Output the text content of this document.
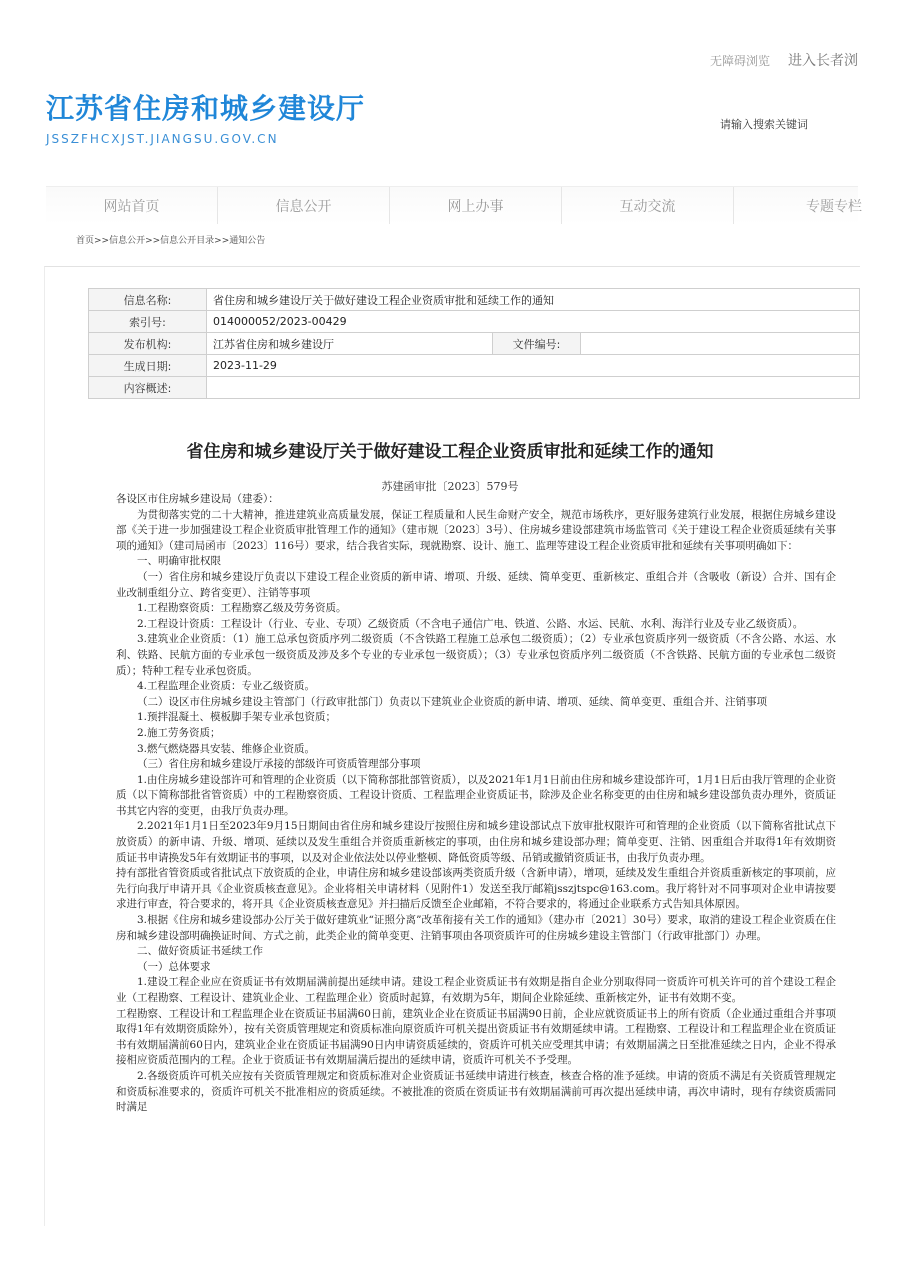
无障碍浏览 进入长者浏
江苏省住房和城乡建设厅
JSSZFHCXJST.JIANGSU.GOV.CN
请输入搜索关键词
网站首页	信息公开	网上办事	互动交流	专题专栏
首页>>信息公开>>信息公开目录>>通知公告
信息名称:	省住房和城乡建设厅关于做好建设工程企业资质审批和延续工作的通知		
索引号:	014000052/2023-00429		
发布机构:	江苏省住房和城乡建设厅	文件编号:	
生成日期:	2023-11-29		
内容概述:			
省住房和城乡建设厅关于做好建设工程企业资质审批和延续工作的通知
苏建函审批〔2023〕579号

各设区市住房城乡建设局（建委）：

为贯彻落实党的二十大精神，推进建筑业高质量发展，保证工程质量和人民生命财产安全，规范市场秩序，更好服务建筑行业发展，根据住房城乡建设部《关于进一步加强建设工程企业资质审批管理工作的通知》（建市规〔2023〕3号）、住房城乡建设部建筑市场监管司《关于建设工程企业资质延续有关事项的通知》（建司局函市〔2023〕116号）要求，结合我省实际，现就勘察、设计、施工、监理等建设工程企业资质审批和延续有关事项明确如下：

一、明确审批权限

（一）省住房和城乡建设厅负责以下建设工程企业资质的新申请、增项、升级、延续、简单变更、重新核定、重组合并（含吸收（新设）合并、国有企业改制重组分立、跨省变更）、注销等事项

1.工程勘察资质：工程勘察乙级及劳务资质。

2.工程设计资质：工程设计（行业、专业、专项）乙级资质（不含电子通信广电、铁道、公路、水运、民航、水利、海洋行业及专业乙级资质）。

3.建筑业企业资质：（1）施工总承包资质序列二级资质（不含铁路工程施工总承包二级资质）；（2）专业承包资质序列一级资质（不含公路、水运、水利、铁路、民航方面的专业承包一级资质及涉及多个专业的专业承包一级资质）；（3）专业承包资质序列二级资质（不含铁路、民航方面的专业承包二级资质）；特种工程专业承包资质。

4.工程监理企业资质：专业乙级资质。

（二）设区市住房城乡建设主管部门（行政审批部门）负责以下建筑业企业资质的新申请、增项、延续、简单变更、重组合并、注销事项

1.预拌混凝土、模板脚手架专业承包资质；

2.施工劳务资质；

3.燃气燃烧器具安装、维修企业资质。

（三）省住房和城乡建设厅承接的部级许可资质管理部分事项

1.由住房城乡建设部许可和管理的企业资质（以下简称部批部管资质），以及2021年1月1日前由住房和城乡建设部许可，1月1日后由我厅管理的企业资质（以下简称部批省管资质）中的工程勘察资质、工程设计资质、工程监理企业资质证书，除涉及企业名称变更的由住房和城乡建设部负责办理外，资质证书其它内容的变更，由我厅负责办理。

2.2021年1月1日至2023年9月15日期间由省住房和城乡建设厅按照住房和城乡建设部试点下放审批权限许可和管理的企业资质（以下简称省批试点下放资质）的新申请、升级、增项、延续以及发生重组合并资质重新核定的事项，由住房和城乡建设部办理；简单变更、注销、因重组合并取得1年有效期资质证书申请换发5年有效期证书的事项，以及对企业依法处以停业整顿、降低资质等级、吊销或撤销资质证书，由我厅负责办理。

持有部批省管资质或省批试点下放资质的企业，申请住房和城乡建设部该两类资质升级（含新申请），增项，延续及发生重组合并资质重新核定的事项前，应先行向我厅申请开具《企业资质核查意见》。企业将相关申请材料（见附件1）发送至我厅邮箱jsszjtspc@163.com。我厅将针对不同事项对企业申请按要求进行审查，符合要求的，将开具《企业资质核查意见》并扫描后反馈至企业邮箱，不符合要求的，将通过企业联系方式告知具体原因。

3.根据《住房和城乡建设部办公厅关于做好建筑业“证照分离”改革衔接有关工作的通知》（建办市〔2021〕30号）要求，取消的建设工程企业资质在住房和城乡建设部明确换证时间、方式之前，此类企业的简单变更、注销事项由各项资质许可的住房城乡建设主管部门（行政审批部门）办理。

二、做好资质证书延续工作

（一）总体要求

1.建设工程企业应在资质证书有效期届满前提出延续申请。建设工程企业资质证书有效期是指自企业分别取得同一资质许可机关许可的首个建设工程企业（工程勘察、工程设计、建筑业企业、工程监理企业）资质时起算，有效期为5年，期间企业除延续、重新核定外，证书有效期不变。

工程勘察、工程设计和工程监理企业在资质证书届满60日前，建筑业企业在资质证书届满90日前，企业应就资质证书上的所有资质（企业通过重组合并事项取得1年有效期资质除外），按有关资质管理规定和资质标准向原资质许可机关提出资质证书有效期延续申请。工程勘察、工程设计和工程监理企业在资质证书有效期届满前60日内，建筑业企业在资质证书届满90日内申请资质延续的，资质许可机关应受理其申请；有效期届满之日至批准延续之日内，企业不得承接相应资质范围内的工程。企业于资质证书有效期届满后提出的延续申请，资质许可机关不予受理。

2.各级资质许可机关应按有关资质管理规定和资质标准对企业资质证书延续申请进行核查，核查合格的准予延续。申请的资质不满足有关资质管理规定和资质标准要求的，资质许可机关不批准相应的资质延续。不被批准的资质在资质证书有效期届满前可再次提出延续申请，再次申请时，现有存续资质需同时满足
